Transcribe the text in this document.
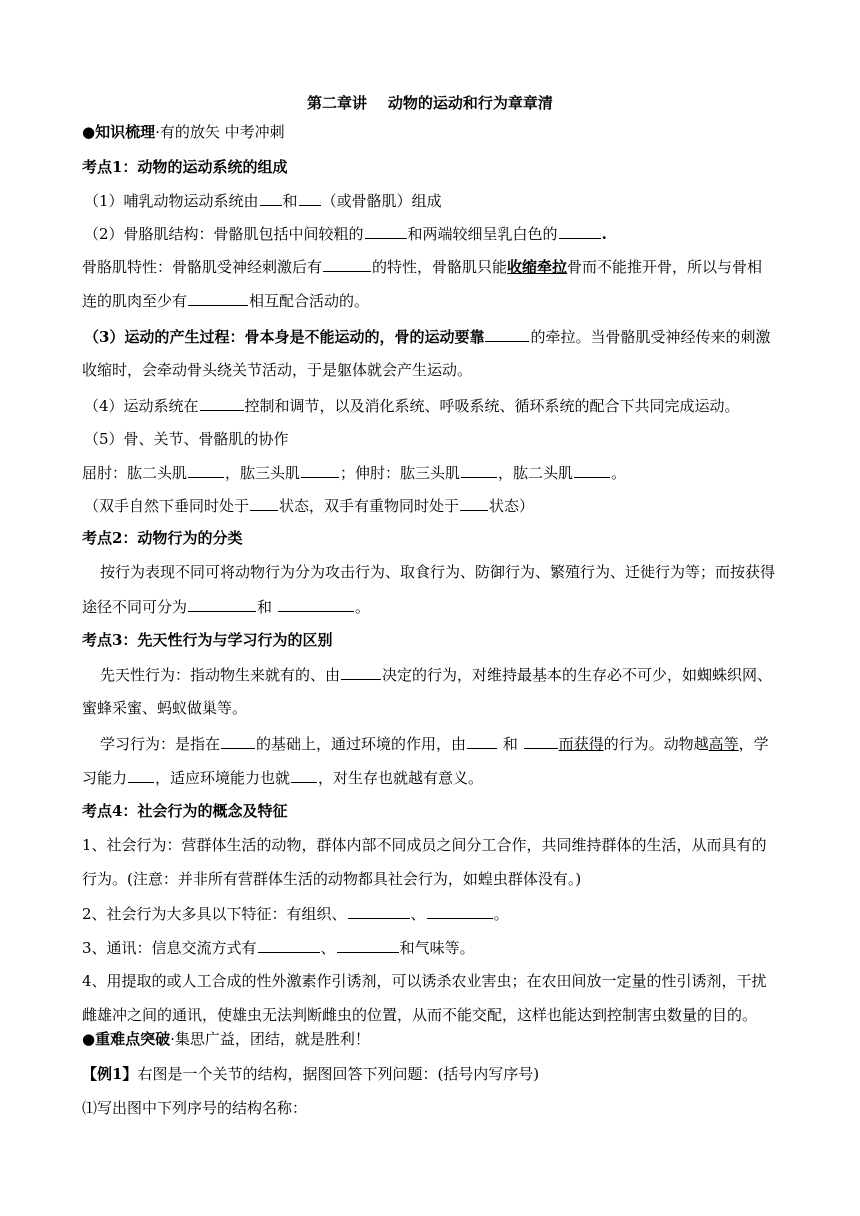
第二章讲    动物的运动和行为章章清
●知识梳理·有的放矢 中考冲刺
考点1：动物的运动系统的组成
（1）哺乳动物运动系统由 和 （或骨骼肌）组成
（2）骨胳肌结构：骨骼肌包括中间较粗的	和两端较细呈乳白色的	.
骨胳肌特性：骨骼肌受神经刺激后有	的特性，骨骼肌只能收缩牵拉骨而不能推开骨，所以与骨相
连的肌肉至少有	相互配合活动的。
（3）运动的产生过程：骨本身是不能运动的，骨的运动要靠	的牵拉。当骨骼肌受神经传来的刺激
收缩时，会牵动骨头绕关节活动，于是躯体就会产生运动。
（4）运动系统在	控制和调节，以及消化系统、呼吸系统、循环系统的配合下共同完成运动。
（5）骨、关节、骨骼肌的协作
屈肘：肱二头肌	，肱三头肌	；伸肘：肱三头肌	，肱二头肌	。
（双手自然下垂同时处于 状态，双手有重物同时处于 状态）
考点2：动物行为的分类
按行为表现不同可将动物行为分为攻击行为、取食行为、防御行为、繁殖行为、迁徙行为等；而按获得
途径不同可分为	和	。
考点3：先天性行为与学习行为的区别
先天性行为：指动物生来就有的、由	决定的行为，对维持最基本的生存必不可少，如蜘蛛织网、
蜜蜂采蜜、蚂蚁做巢等。
学习行为：是指在 的基础上，通过环境的作用，由 和	而获得的行为。动物越高等，学
习能力 ，适应环境能力也就 ，对生存也就越有意义。
考点4：社会行为的概念及特征
1、社会行为：营群体生活的动物，群体内部不同成员之间分工合作，共同维持群体的生活，从而具有的
行为。(注意：并非所有营群体生活的动物都具社会行为，如蝗虫群体没有。)
2、社会行为大多具以下特征：有组织、	、	。
3、通讯：信息交流方式有	、	和气味等。
4、用提取的或人工合成的性外激素作引诱剂，可以诱杀农业害虫；在农田间放一定量的性引诱剂，干扰
雌雄冲之间的通讯，使雄虫无法判断雌虫的位置，从而不能交配，这样也能达到控制害虫数量的目的。
●重难点突破·集思广益，团结，就是胜利！
【例1】右图是一个关节的结构，据图回答下列问题：(括号内写序号)
⑴写出图中下列序号的结构名称：
